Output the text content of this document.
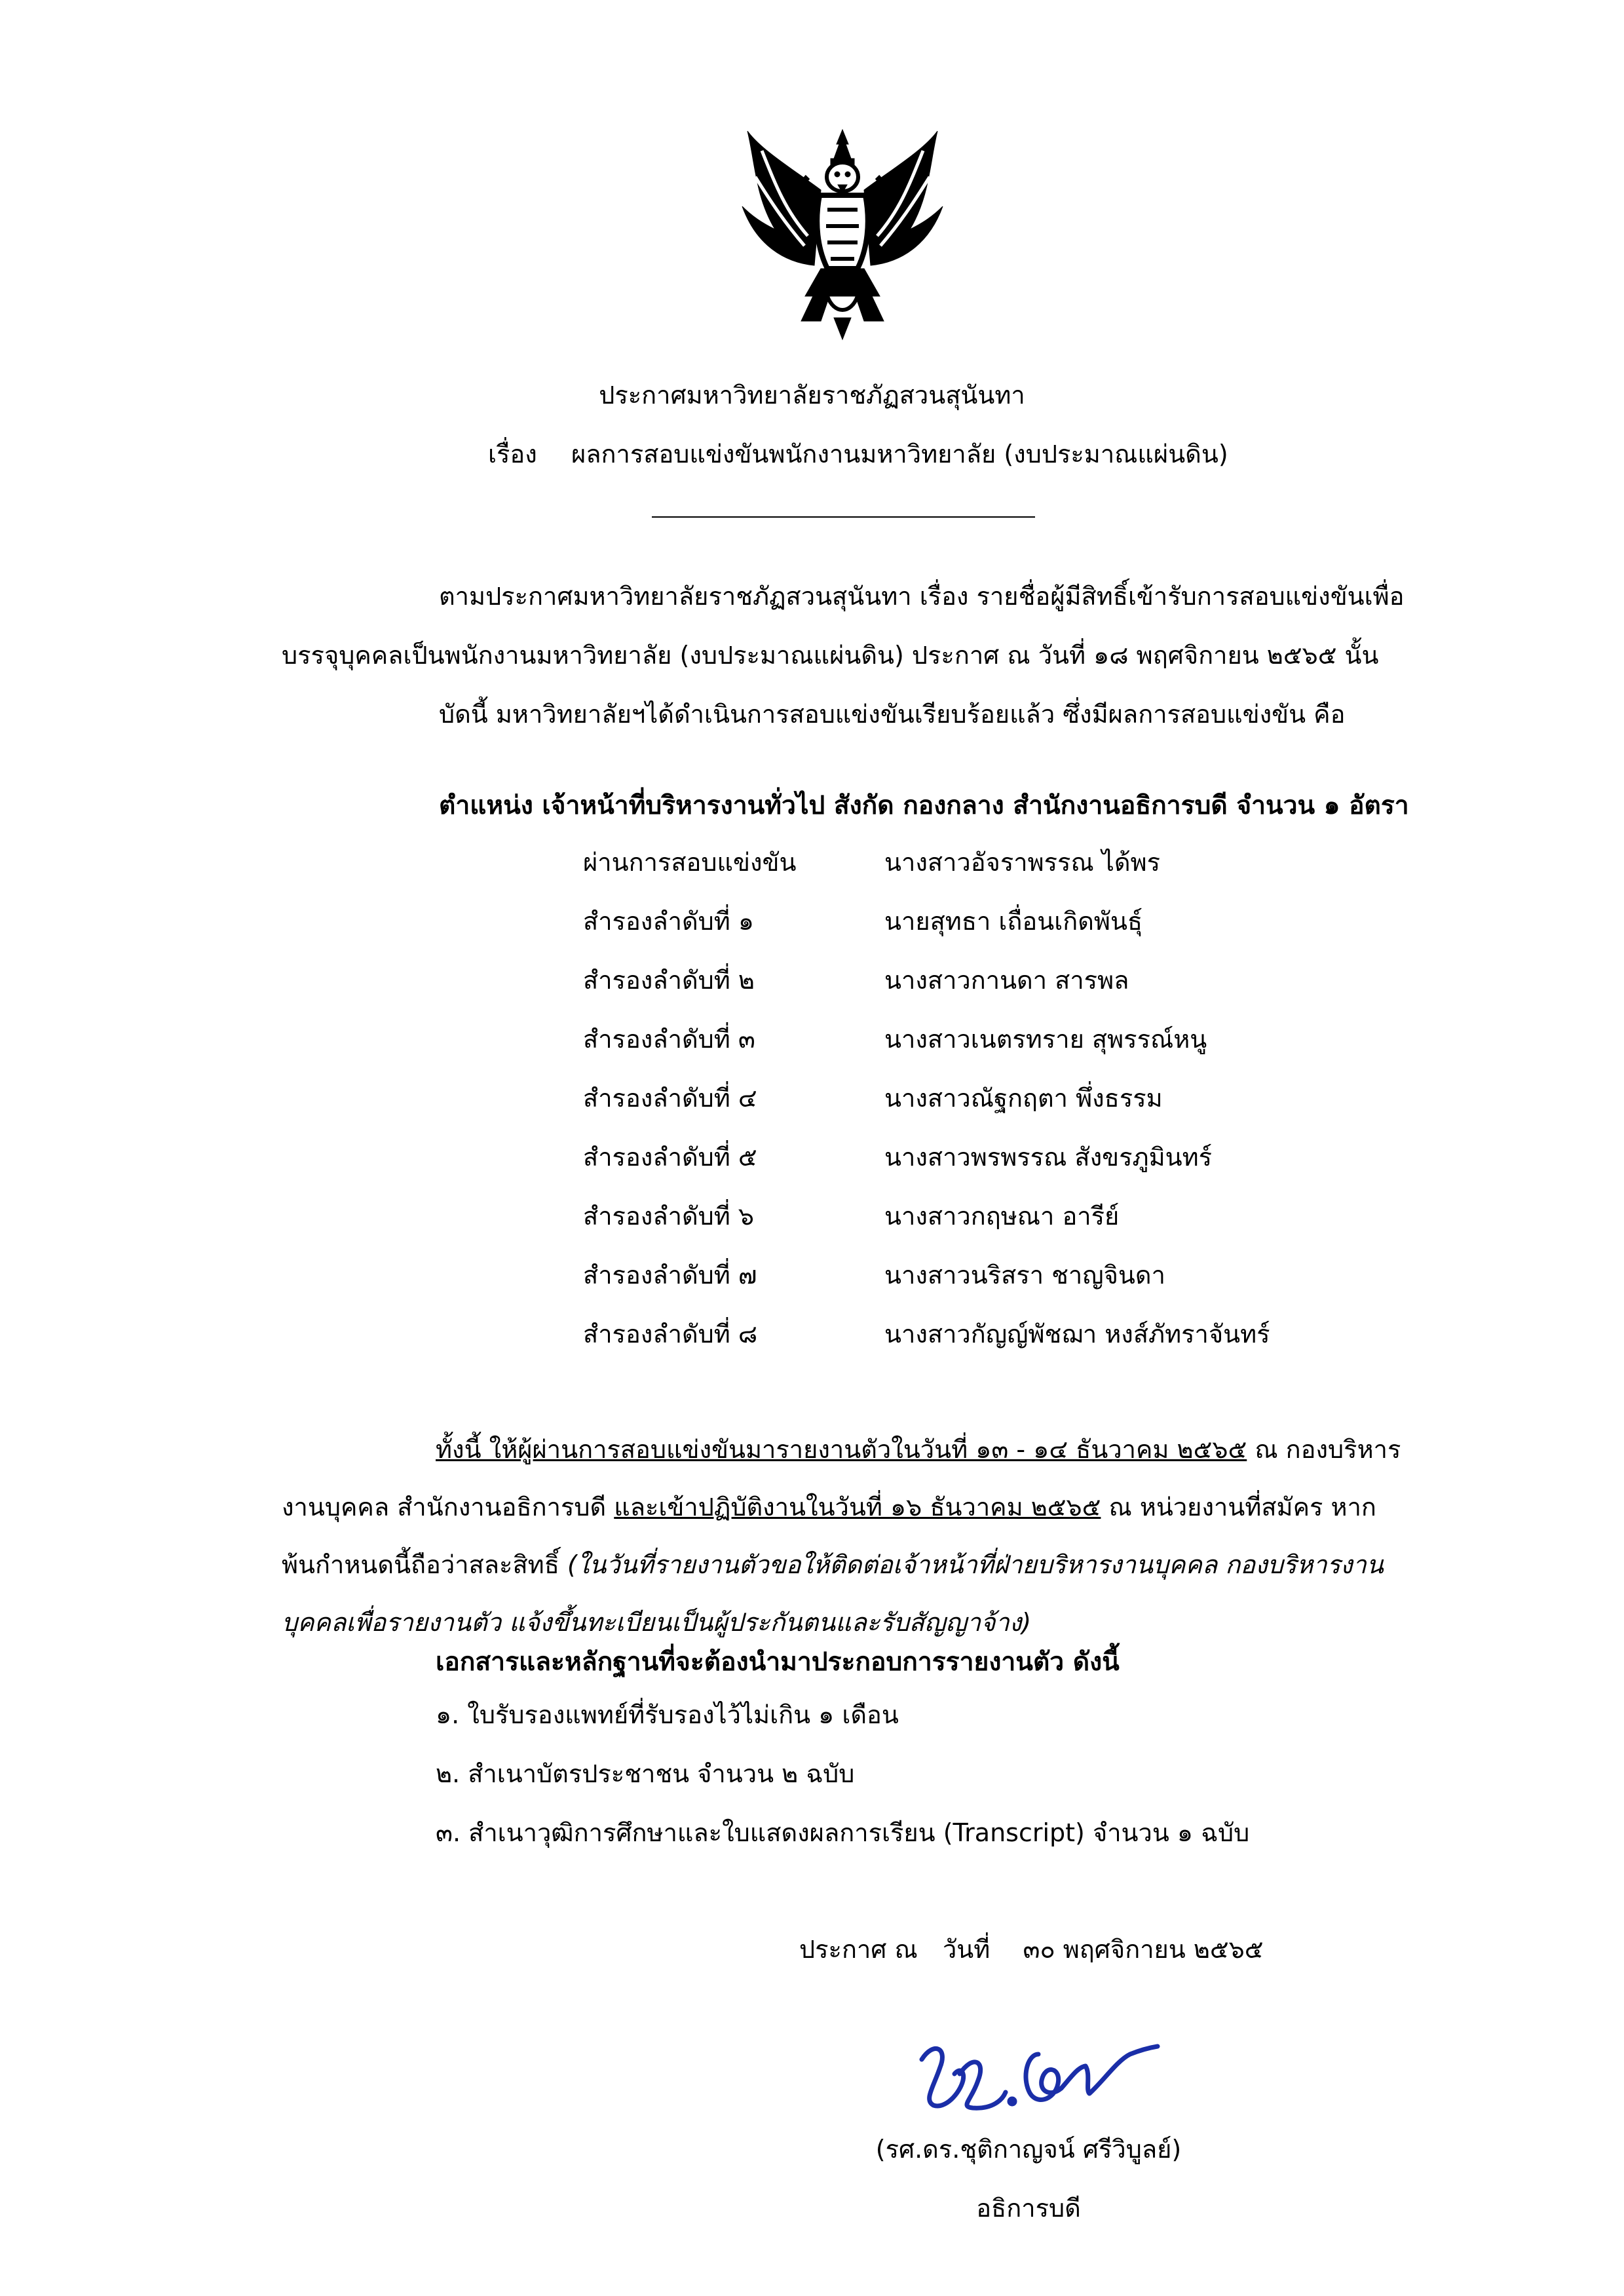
ประกาศมหาวิทยาลัยราชภัฏสวนสุนันทา
เรื่อง ผลการสอบแข่งขันพนักงานมหาวิทยาลัย (งบประมาณแผ่นดิน)
ตามประกาศมหาวิทยาลัยราชภัฏสวนสุนันทา เรื่อง รายชื่อผู้มีสิทธิ์เข้ารับการสอบแข่งขันเพื่อ
บรรจุบุคคลเป็นพนักงานมหาวิทยาลัย (งบประมาณแผ่นดิน) ประกาศ ณ วันที่ ๑๘ พฤศจิกายน ๒๕๖๕ นั้น
บัดนี้ มหาวิทยาลัยฯได้ดำเนินการสอบแข่งขันเรียบร้อยแล้ว ซึ่งมีผลการสอบแข่งขัน คือ
ตำแหน่ง เจ้าหน้าที่บริหารงานทั่วไป สังกัด กองกลาง สำนักงานอธิการบดี จำนวน ๑ อัตรา
ผ่านการสอบแข่งขัน	นางสาวอัจราพรรณ ได้พร
สำรองลำดับที่ ๑	นายสุทธา เถื่อนเกิดพันธุ์
สำรองลำดับที่ ๒	นางสาวกานดา สารพล
สำรองลำดับที่ ๓	นางสาวเนตรทราย สุพรรณ์หนู
สำรองลำดับที่ ๔	นางสาวณัฐกฤตา พึ่งธรรม
สำรองลำดับที่ ๕	นางสาวพรพรรณ สังขรภูมินทร์
สำรองลำดับที่ ๖	นางสาวกฤษณา อารีย์
สำรองลำดับที่ ๗	นางสาวนริสรา ชาญจินดา
สำรองลำดับที่ ๘	นางสาวกัญญ์พัชฌา หงส์ภัทราจันทร์
ทั้งนี้ ให้ผู้ผ่านการสอบแข่งขันมารายงานตัวในวันที่ ๑๓ - ๑๔ ธันวาคม ๒๕๖๕ ณ กองบริหาร
งานบุคคล สำนักงานอธิการบดี และเข้าปฏิบัติงานในวันที่ ๑๖ ธันวาคม ๒๕๖๕ ณ หน่วยงานที่สมัคร หาก
พ้นกำหนดนี้ถือว่าสละสิทธิ์ (ในวันที่รายงานตัวขอให้ติดต่อเจ้าหน้าที่ฝ่ายบริหารงานบุคคล กองบริหารงาน
บุคคลเพื่อรายงานตัว แจ้งขึ้นทะเบียนเป็นผู้ประกันตนและรับสัญญาจ้าง)
เอกสารและหลักฐานที่จะต้องนำมาประกอบการรายงานตัว ดังนี้
๑. ใบรับรองแพทย์ที่รับรองไว้ไม่เกิน ๑ เดือน
๒. สำเนาบัตรประชาชน จำนวน ๒ ฉบับ
๓. สำเนาวุฒิการศึกษาและใบแสดงผลการเรียน (Transcript) จำนวน ๑ ฉบับ
ประกาศ ณ วันที่ ๓๐ พฤศจิกายน ๒๕๖๕
(รศ.ดร.ชุติกาญจน์ ศรีวิบูลย์)
อธิการบดี
